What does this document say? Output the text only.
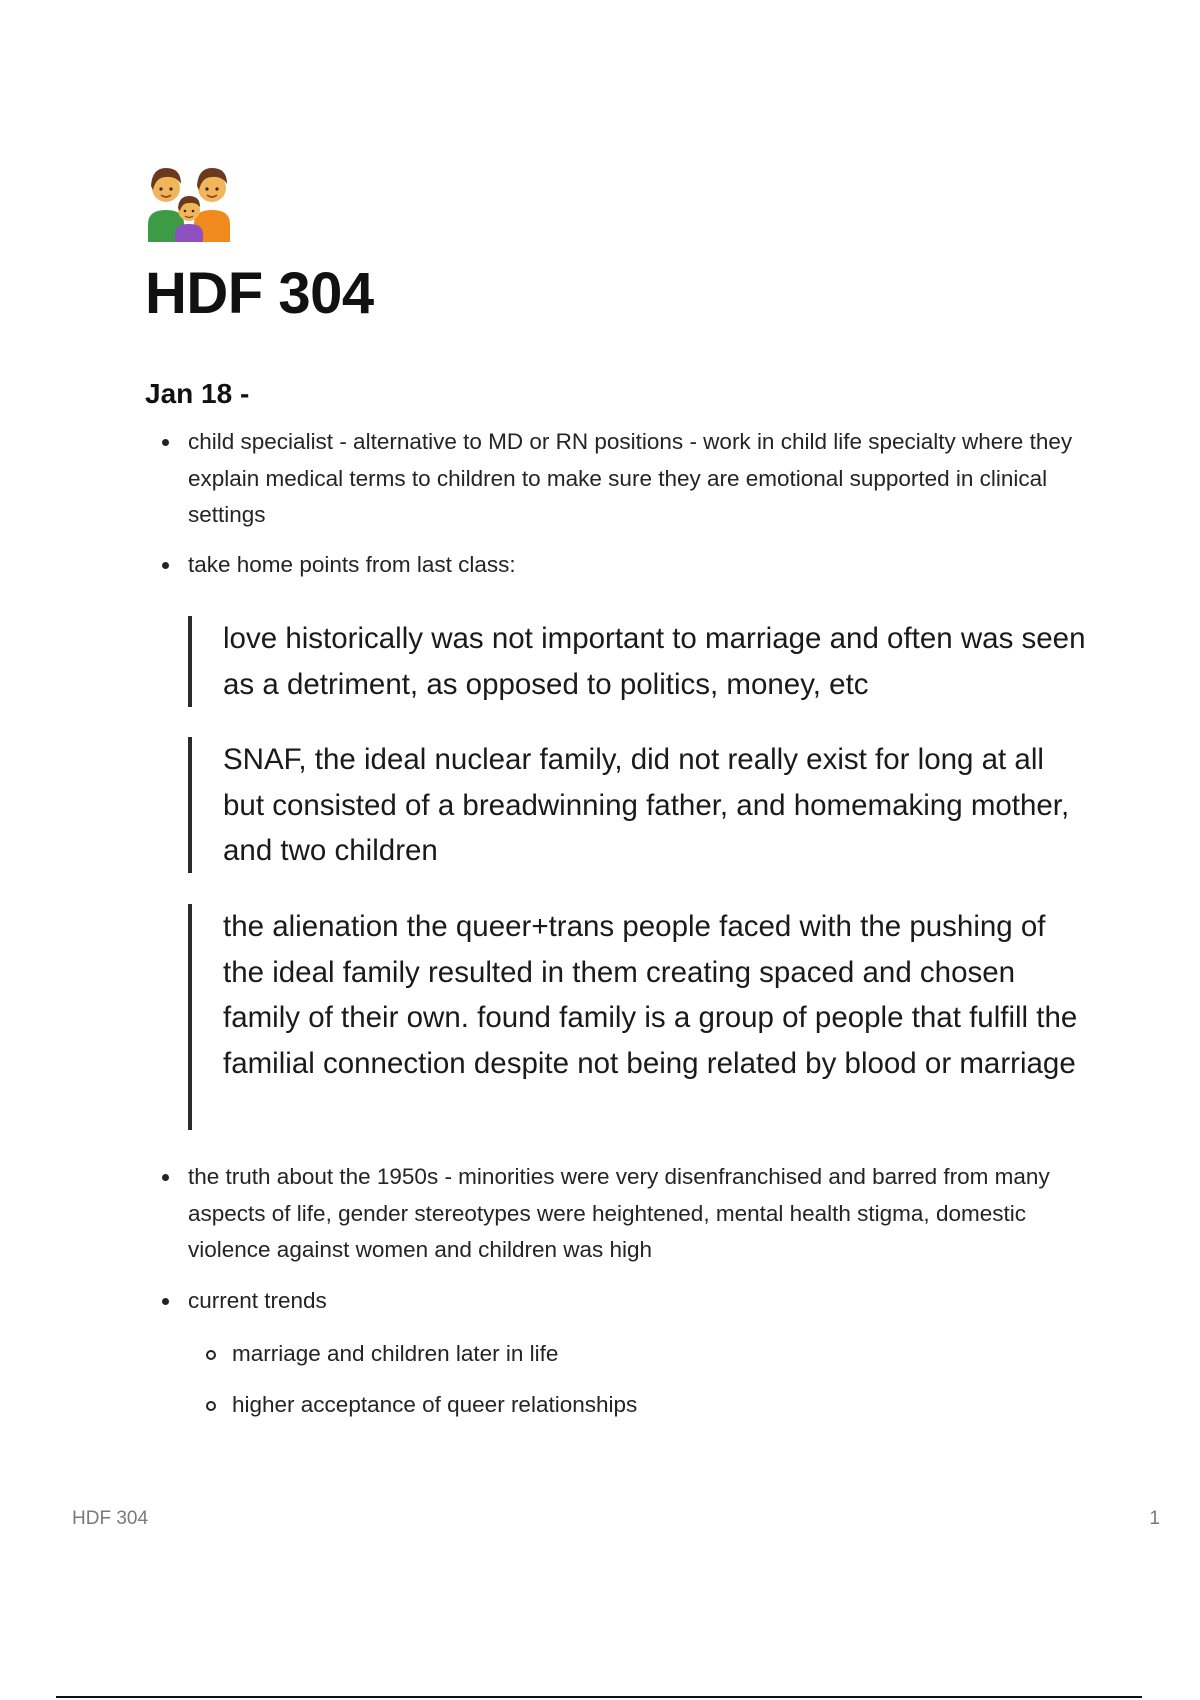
HDF 304
Jan 18 -
child specialist - alternative to MD or RN positions - work in child life specialty where they explain medical terms to children to make sure they are emotional supported in clinical settings
take home points from last class:
love historically was not important to marriage and often was seen as a detriment, as opposed to politics, money, etc
SNAF, the ideal nuclear family, did not really exist for long at all but consisted of a breadwinning father, and homemaking mother, and two children
the alienation the queer+trans people faced with the pushing of the ideal family resulted in them creating spaced and chosen family of their own. found family is a group of people that fulfill the familial connection despite not being related by blood or marriage
the truth about the 1950s - minorities were very disenfranchised and barred from many aspects of life, gender stereotypes were heightened, mental health stigma, domestic violence against women and children was high
current trends
marriage and children later in life
higher acceptance of queer relationships
HDF 304	1
